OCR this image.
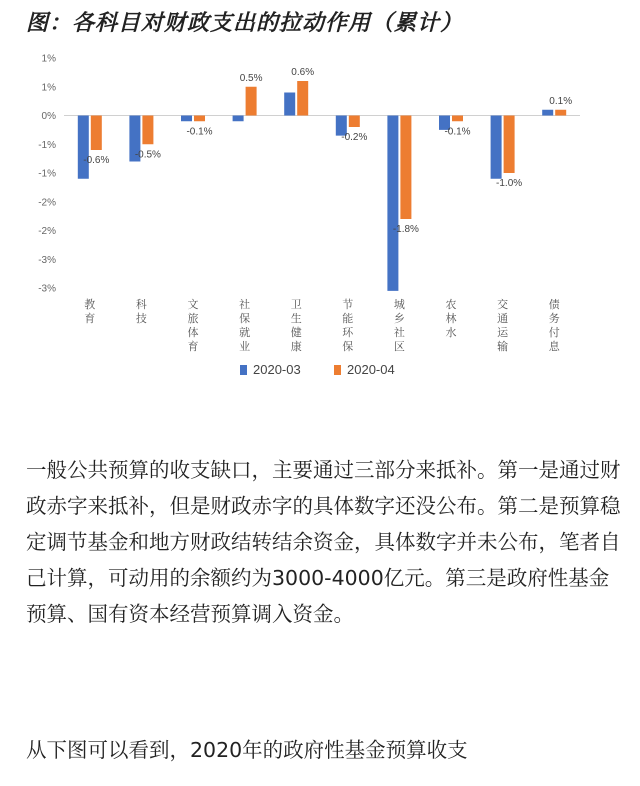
图：各科目对财政支出的拉动作用（累计）
1%
1%
0%
-1%
-1%
-2%
-2%
-3%
-3%
-0.6%
-0.5%
-0.1%
0.5%
0.6%
-0.2%
-1.8%
-0.1%
-1.0%
0.1%
教育
科技
文旅体育
社保就业
卫生健康
节能环保
城乡社区
农林水
交通运输
债务付息
2020-03	2020-04

一般公共预算的收支缺口，主要通过三部分来抵补。第一是通过财政赤字来抵补，但是财政赤字的具体数字还没公布。第二是预算稳定调节基金和地方财政结转结余资金，具体数字并未公布，笔者自己计算，可动用的余额约为3000-4000亿元。第三是政府性基金预算、国有资本经营预算调入资金。

从下图可以看到，2020年的政府性基金预算收支
